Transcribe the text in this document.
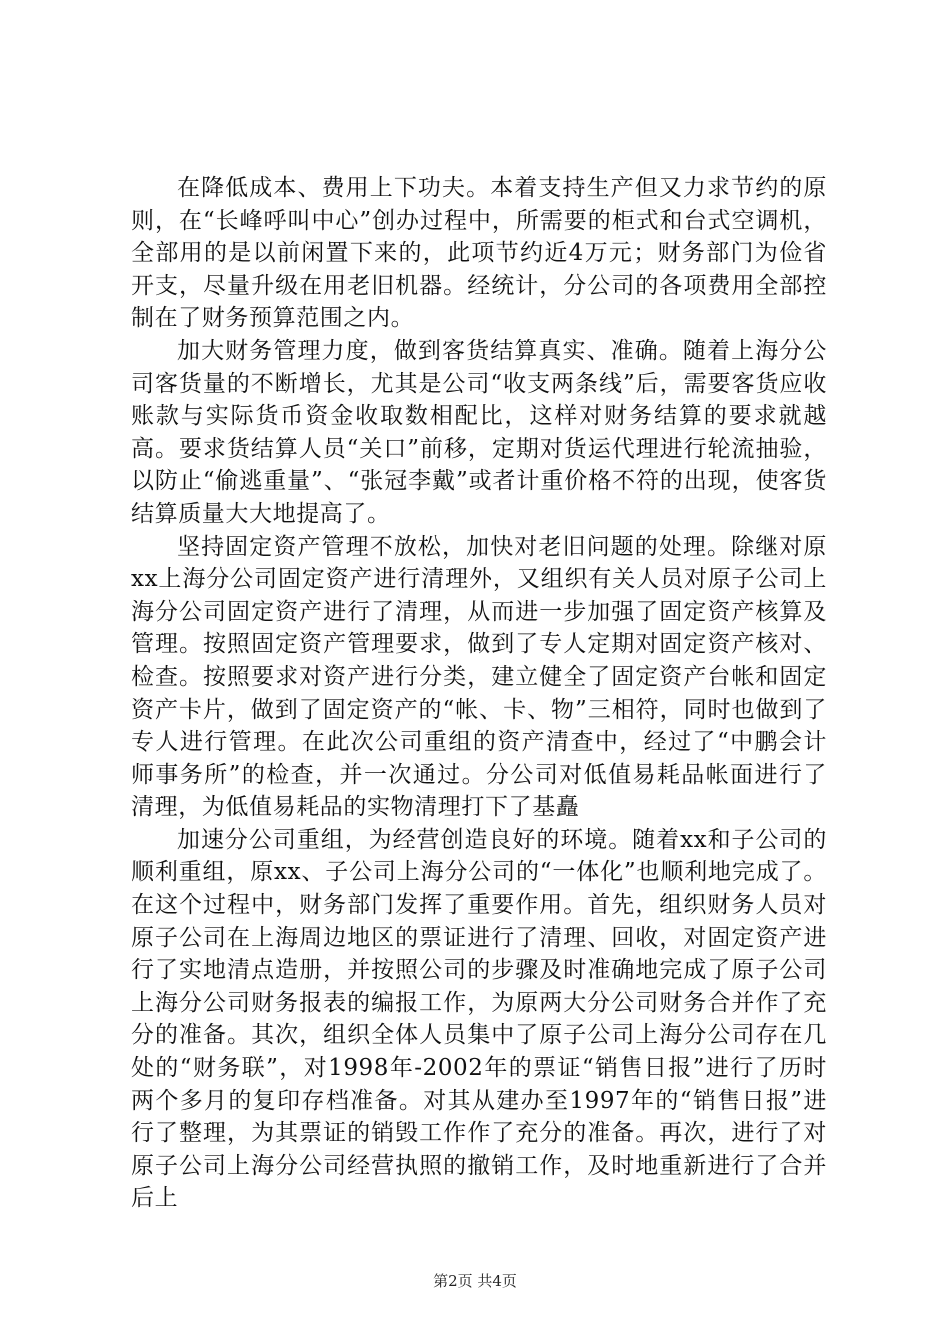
在降低成本、费用上下功夫。本着支持生产但又力求节约的原则，在“长峰呼叫中心”创办过程中，所需要的柜式和台式空调机，全部用的是以前闲置下来的，此项节约近4万元；财务部门为俭省开支，尽量升级在用老旧机器。经统计，分公司的各项费用全部控制在了财务预算范围之内。

加大财务管理力度，做到客货结算真实、准确。随着上海分公司客货量的不断增长，尤其是公司“收支两条线”后，需要客货应收账款与实际货币资金收取数相配比，这样对财务结算的要求就越高。要求货结算人员“关口”前移，定期对货运代理进行轮流抽验，以防止“偷逃重量”、“张冠李戴”或者计重价格不符的出现，使客货结算质量大大地提高了。

坚持固定资产管理不放松，加快对老旧问题的处理。除继对原xx上海分公司固定资产进行清理外，又组织有关人员对原子公司上海分公司固定资产进行了清理，从而进一步加强了固定资产核算及管理。按照固定资产管理要求，做到了专人定期对固定资产核对、检查。按照要求对资产进行分类，建立健全了固定资产台帐和固定资产卡片，做到了固定资产的“帐、卡、物”三相符，同时也做到了专人进行管理。在此次公司重组的资产清查中，经过了“中鹏会计师事务所”的检查，并一次通过。分公司对低值易耗品帐面进行了清理，为低值易耗品的实物清理打下了基矗

加速分公司重组，为经营创造良好的环境。随着xx和子公司的顺利重组，原xx、子公司上海分公司的“一体化”也顺利地完成了。在这个过程中，财务部门发挥了重要作用。首先，组织财务人员对原子公司在上海周边地区的票证进行了清理、回收，对固定资产进行了实地清点造册，并按照公司的步骤及时准确地完成了原子公司上海分公司财务报表的编报工作，为原两大分公司财务合并作了充分的准备。其次，组织全体人员集中了原子公司上海分公司存在几处的“财务联”，对1998年-2002年的票证“销售日报”进行了历时两个多月的复印存档准备。对其从建办至1997年的“销售日报”进行了整理，为其票证的销毁工作作了充分的准备。再次，进行了对原子公司上海分公司经营执照的撤销工作，及时地重新进行了合并后上

第2页 共4页
